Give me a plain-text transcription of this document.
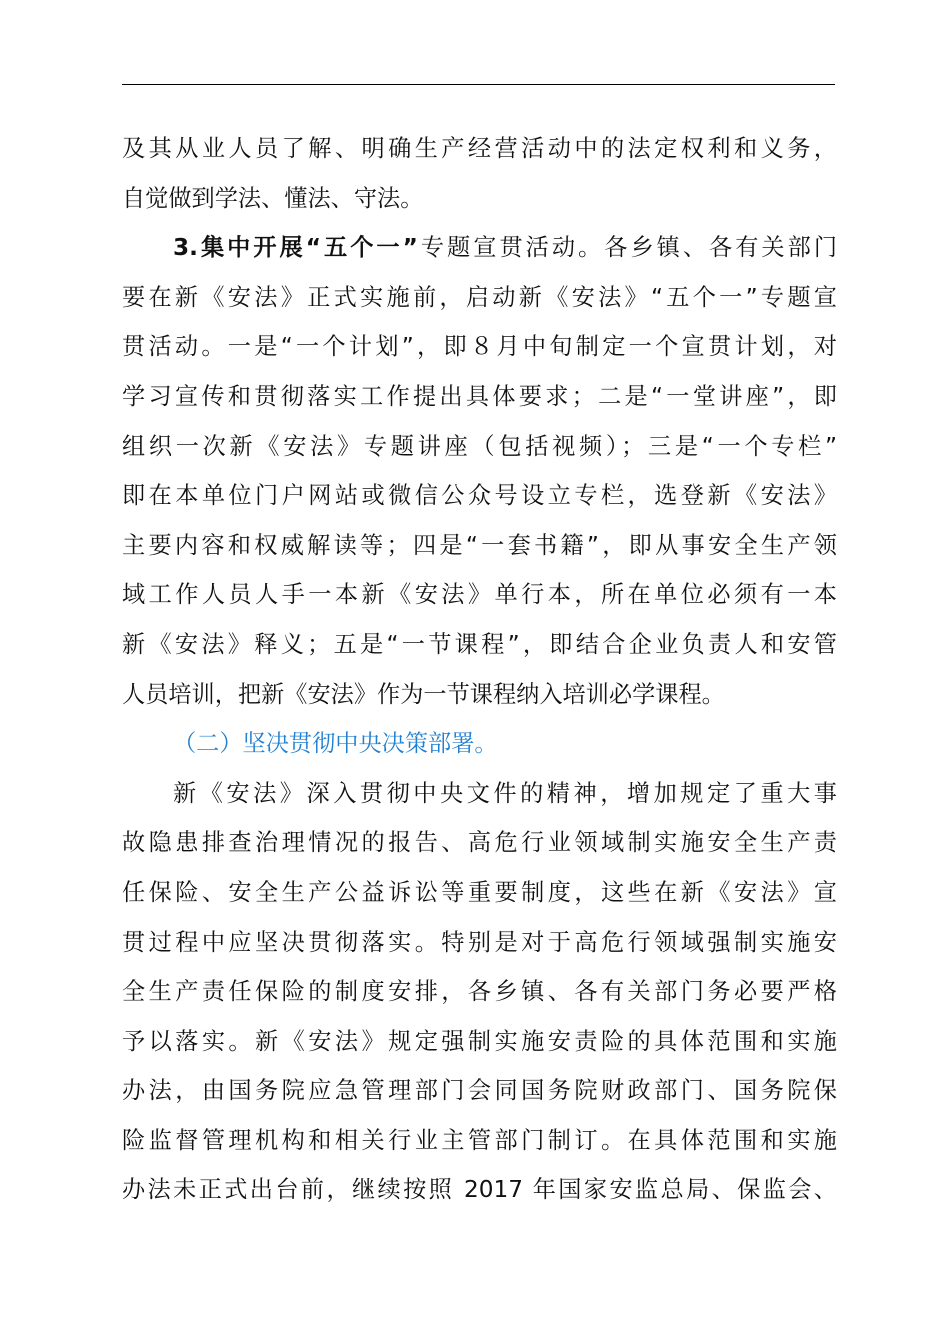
及其从业人员了解、明确生产经营活动中的法定权利和义务，
自觉做到学法、懂法、守法。
3.集中开展“五个一”专题宣贯活动。各乡镇、各有关部门
要在新《安法》正式实施前，启动新《安法》“五个一”专题宣
贯活动。一是“一个计划”，即８月中旬制定一个宣贯计划，对
学习宣传和贯彻落实工作提出具体要求；二是“一堂讲座”，即
组织一次新《安法》专题讲座（包括视频）；三是“一个专栏”
即在本单位门户网站或微信公众号设立专栏，选登新《安法》
主要内容和权威解读等；四是“一套书籍”，即从事安全生产领
域工作人员人手一本新《安法》单行本，所在单位必须有一本
新《安法》释义；五是“一节课程”，即结合企业负责人和安管
人员培训，把新《安法》作为一节课程纳入培训必学课程。
（二）坚决贯彻中央决策部署。
新《安法》深入贯彻中央文件的精神，增加规定了重大事
故隐患排查治理情况的报告、高危行业领域制实施安全生产责
任保险、安全生产公益诉讼等重要制度，这些在新《安法》宣
贯过程中应坚决贯彻落实。特别是对于高危行领域强制实施安
全生产责任保险的制度安排，各乡镇、各有关部门务必要严格
予以落实。新《安法》规定强制实施安责险的具体范围和实施
办法，由国务院应急管理部门会同国务院财政部门、国务院保
险监督管理机构和相关行业主管部门制订。在具体范围和实施
办法未正式出台前，继续按照 2017 年国家安监总局、保监会、
